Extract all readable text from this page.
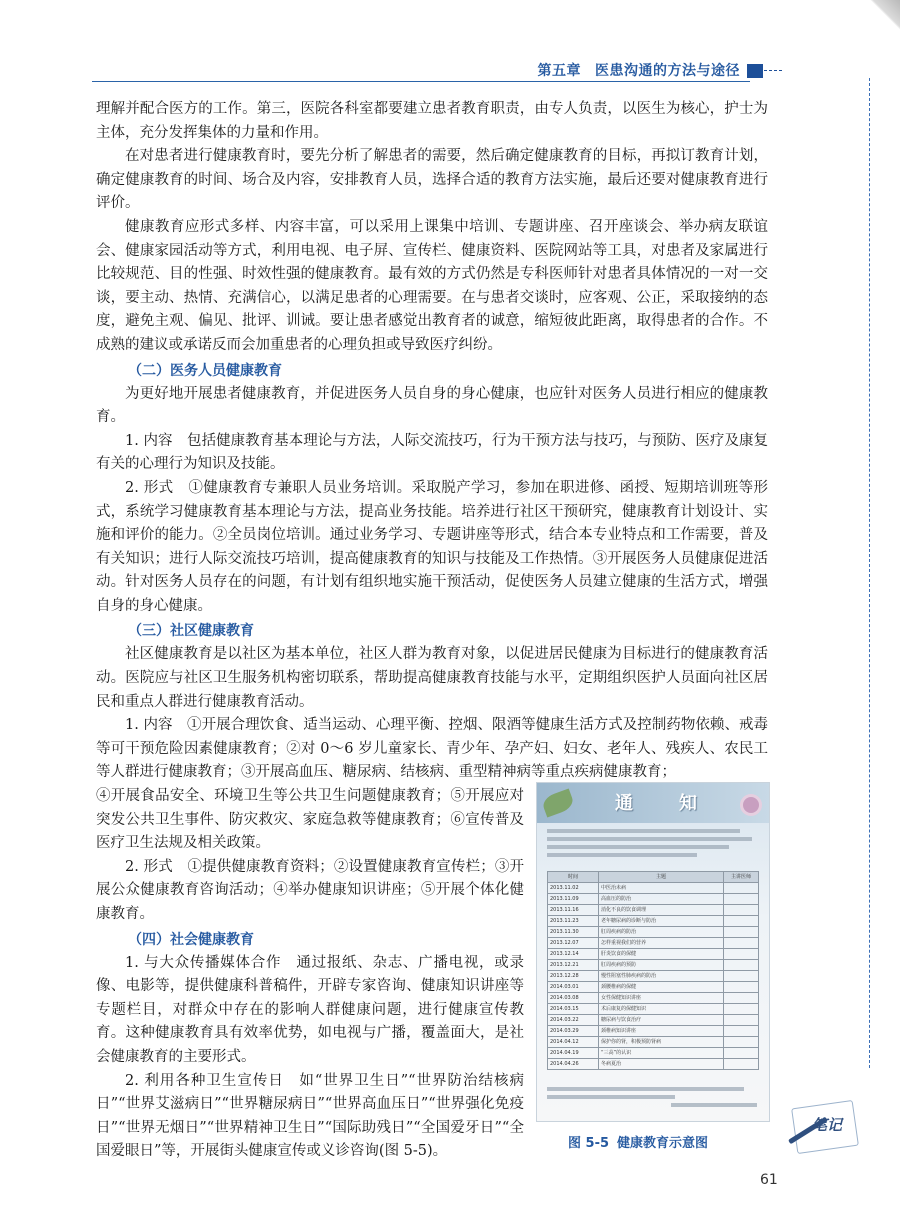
第五章 医患沟通的方法与途径

理解并配合医方的工作。第三，医院各科室都要建立患者教育职责，由专人负责，以医生为核心，护士为主体，充分发挥集体的力量和作用。

在对患者进行健康教育时，要先分析了解患者的需要，然后确定健康教育的目标，再拟订教育计划，确定健康教育的时间、场合及内容，安排教育人员，选择合适的教育方法实施，最后还要对健康教育进行评价。

健康教育应形式多样、内容丰富，可以采用上课集中培训、专题讲座、召开座谈会、举办病友联谊会、健康家园活动等方式，利用电视、电子屏、宣传栏、健康资料、医院网站等工具，对患者及家属进行比较规范、目的性强、时效性强的健康教育。最有效的方式仍然是专科医师针对患者具体情况的一对一交谈，要主动、热情、充满信心，以满足患者的心理需要。在与患者交谈时，应客观、公正，采取接纳的态度，避免主观、偏见、批评、训诫。要让患者感觉出教育者的诚意，缩短彼此距离，取得患者的合作。不成熟的建议或承诺反而会加重患者的心理负担或导致医疗纠纷。

（二）医务人员健康教育

为更好地开展患者健康教育，并促进医务人员自身的身心健康，也应针对医务人员进行相应的健康教育。

1. 内容　包括健康教育基本理论与方法，人际交流技巧，行为干预方法与技巧，与预防、医疗及康复有关的心理行为知识及技能。

2. 形式　①健康教育专兼职人员业务培训。采取脱产学习，参加在职进修、函授、短期培训班等形式，系统学习健康教育基本理论与方法，提高业务技能。培养进行社区干预研究，健康教育计划设计、实施和评价的能力。②全员岗位培训。通过业务学习、专题讲座等形式，结合本专业特点和工作需要，普及有关知识；进行人际交流技巧培训，提高健康教育的知识与技能及工作热情。③开展医务人员健康促进活动。针对医务人员存在的问题，有计划有组织地实施干预活动，促使医务人员建立健康的生活方式，增强自身的身心健康。

（三）社区健康教育

社区健康教育是以社区为基本单位，社区人群为教育对象，以促进居民健康为目标进行的健康教育活动。医院应与社区卫生服务机构密切联系，帮助提高健康教育技能与水平，定期组织医护人员面向社区居民和重点人群进行健康教育活动。

1. 内容　①开展合理饮食、适当运动、心理平衡、控烟、限酒等健康生活方式及控制药物依赖、戒毒等可干预危险因素健康教育；②对 0～6 岁儿童家长、青少年、孕产妇、妇女、老年人、残疾人、农民工等人群进行健康教育；③开展高血压、糖尿病、结核病、重型精神病等重点疾病健康教育；

④开展食品安全、环境卫生等公共卫生问题健康教育；⑤开展应对突发公共卫生事件、防灾救灾、家庭急救等健康教育；⑥宣传普及医疗卫生法规及相关政策。

2. 形式　①提供健康教育资料；②设置健康教育宣传栏；③开展公众健康教育咨询活动；④举办健康知识讲座；⑤开展个体化健康教育。

（四）社会健康教育

1. 与大众传播媒体合作　通过报纸、杂志、广播电视，或录像、电影等，提供健康科普稿件，开辟专家咨询、健康知识讲座等专题栏目，对群众中存在的影响人群健康问题，进行健康宣传教育。这种健康教育具有效率优势，如电视与广播，覆盖面大，是社会健康教育的主要形式。

2. 利用各种卫生宣传日　如“世界卫生日”“世界防治结核病日”“世界艾滋病日”“世界糖尿病日”“世界高血压日”“世界强化免疫日”“世界无烟日”“世界精神卫生日”“国际助残日”“全国爱牙日”“全国爱眼日”等，开展街头健康宣传或义诊咨询(图 5-5)。

通　知
时间	主题	主讲医师
2013.11.02	中医治未病	
2013.11.09	高血压的防治	
2013.11.16	消化不良的饮食调理	
2013.11.23	老年糖尿病的诊断与防治	
2013.11.30	肛周疾病的防治	
2013.12.07	怎样重视我们的营养	
2013.12.14	肝炎饮食的保健	
2013.12.21	肛周疾病的预防	
2013.12.28	慢性阻塞性肺疾病的防治	
2014.03.01	颈腰椎病的保健	
2014.03.08	女性保健知识讲座	
2014.03.15	术后康复的保健知识	
2014.03.22	糖尿病与饮食治疗	
2014.03.29	颈椎病知识讲座	
2014.04.12	保护你的肾，积极预防肾病	
2014.04.19	“三高”的认识	
2014.04.26	冬病夏治	
图 5-5 健康教育示意图
笔记
61
